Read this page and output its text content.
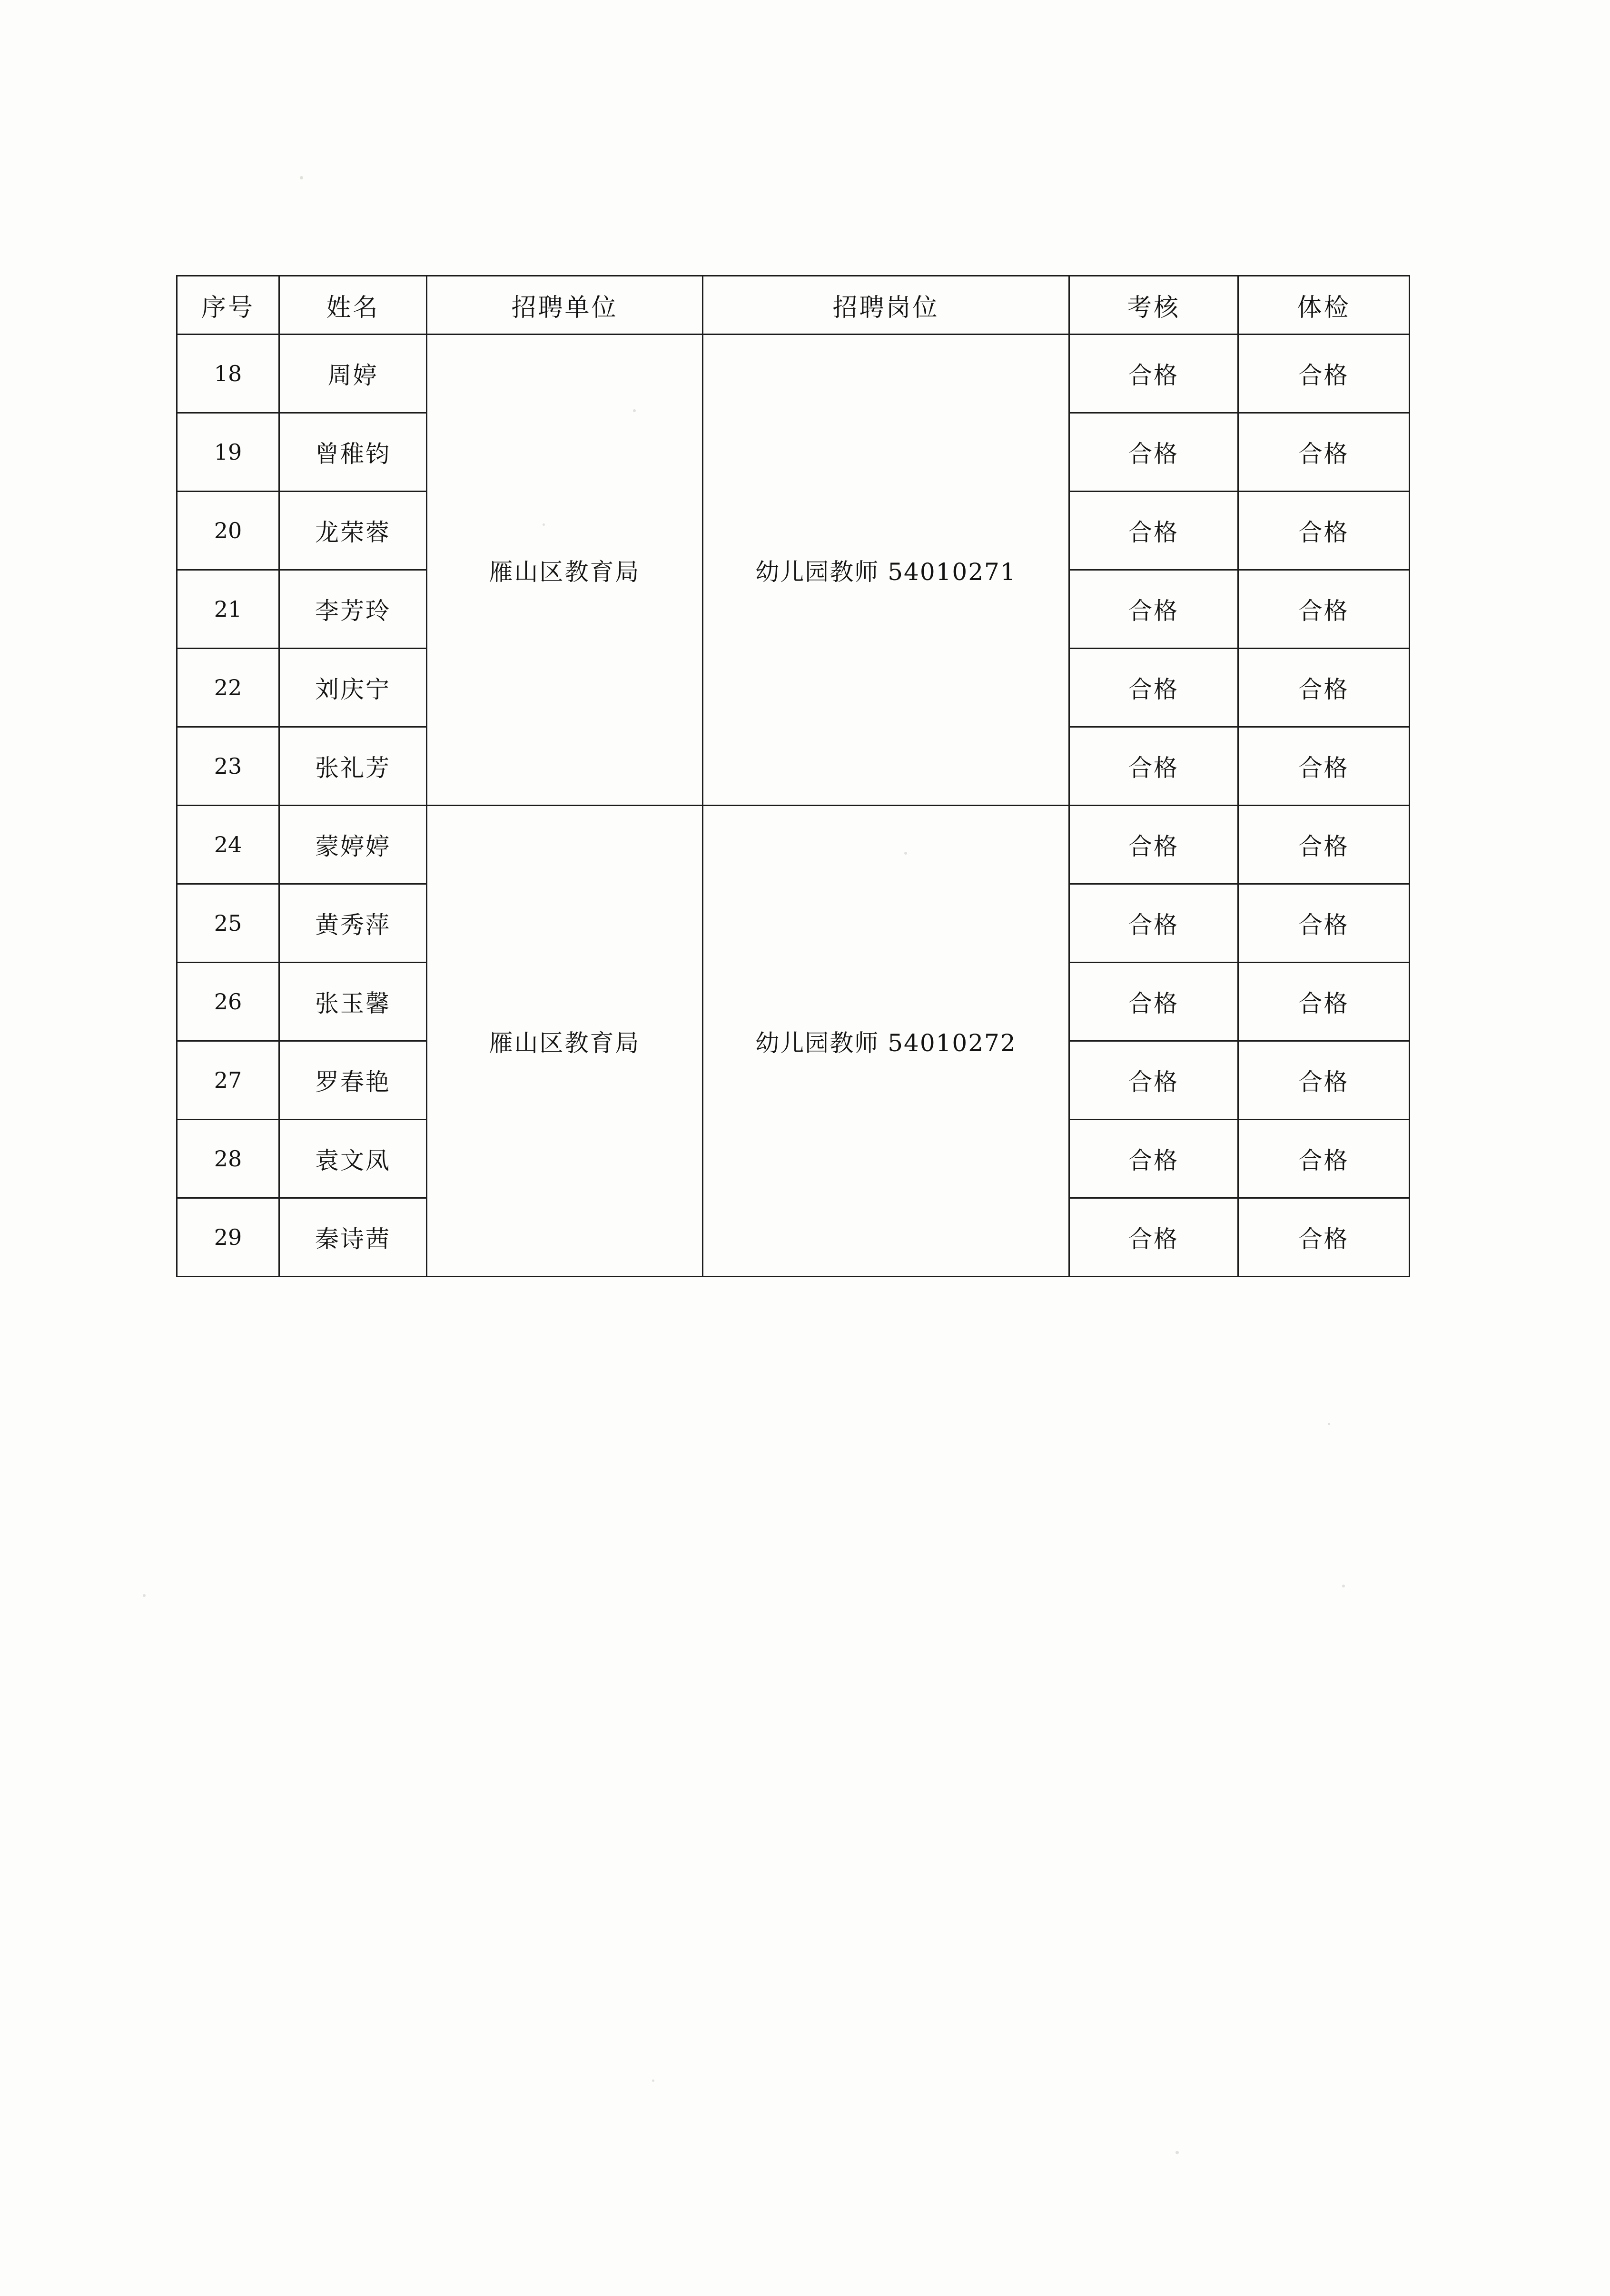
序号	姓名	招聘单位	招聘岗位	考核	体检
18	周婷	雁山区教育局	幼儿园教师 54010271	合格	合格
19	曾稚钧			合格	合格
20	龙荣蓉			合格	合格
21	李芳玲			合格	合格
22	刘庆宁			合格	合格
23	张礼芳			合格	合格
24	蒙婷婷	雁山区教育局	幼儿园教师 54010272	合格	合格
25	黄秀萍			合格	合格
26	张玉馨			合格	合格
27	罗春艳			合格	合格
28	袁文凤			合格	合格
29	秦诗茜			合格	合格
